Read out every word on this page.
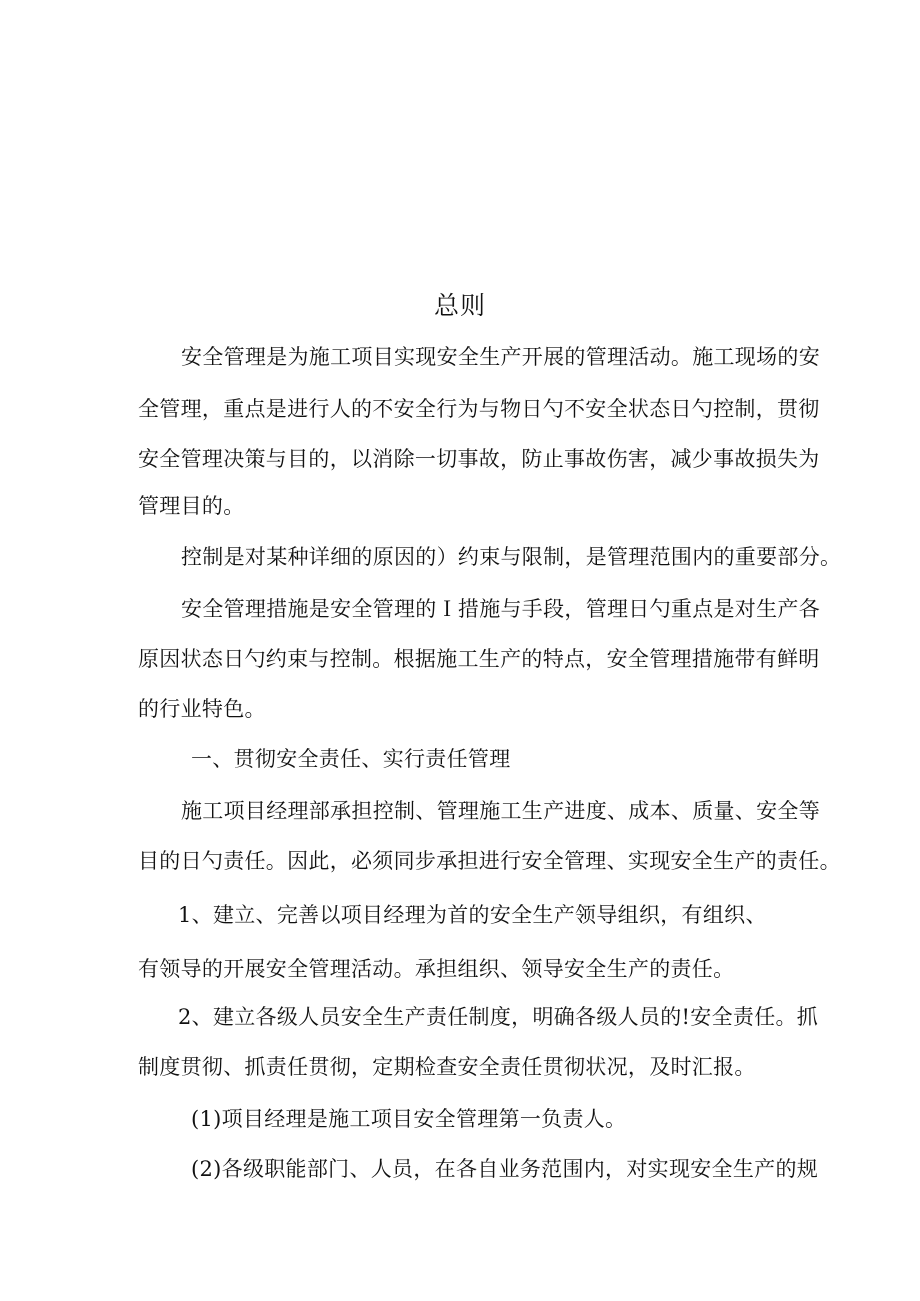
总则
安全管理是为施工项目实现安全生产开展的管理活动。施工现场的安
全管理，重点是进行人的不安全行为与物日勺不安全状态日勺控制，贯彻
安全管理决策与目的，以消除一切事故，防止事故伤害，减少事故损失为
管理目的。
控制是对某种详细的原因的）约束与限制，是管理范围内的重要部分。
安全管理措施是安全管理的Ｉ措施与手段，管理日勺重点是对生产各
原因状态日勺约束与控制。根据施工生产的特点，安全管理措施带有鲜明
的行业特色。
一、贯彻安全责任、实行责任管理
施工项目经理部承担控制、管理施工生产进度、成本、质量、安全等
目的日勺责任。因此，必须同步承担进行安全管理、实现安全生产的责任。
1、建立、完善以项目经理为首的安全生产领导组织，有组织、
有领导的开展安全管理活动。承担组织、领导安全生产的责任。
2、建立各级人员安全生产责任制度，明确各级人员的!安全责任。抓
制度贯彻、抓责任贯彻，定期检查安全责任贯彻状况，及时汇报。
(1)项目经理是施工项目安全管理第一负责人。
(2)各级职能部门、人员，在各自业务范围内，对实现安全生产的规
